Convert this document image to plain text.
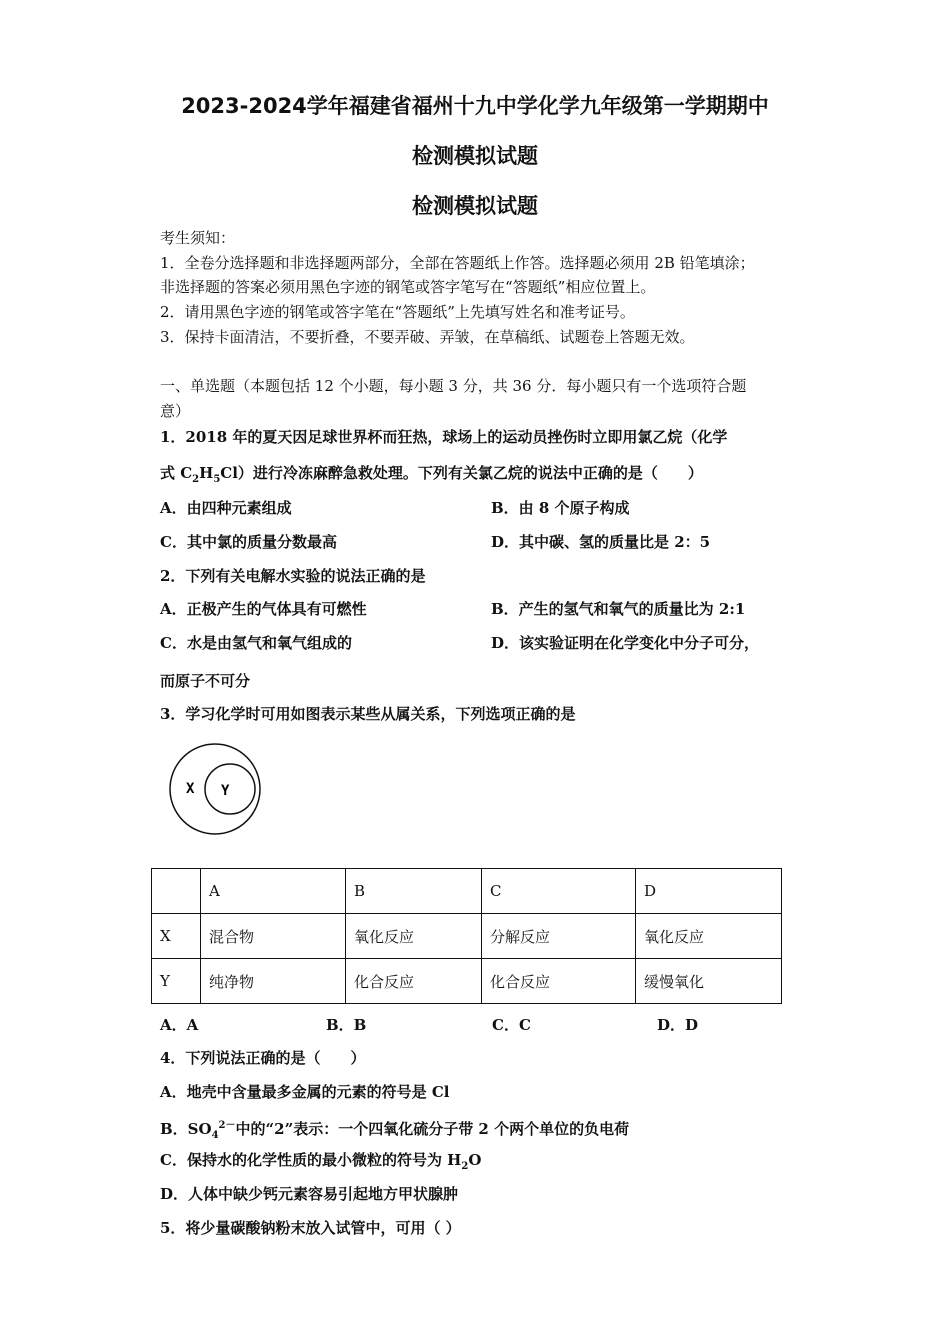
2023-2024学年福建省福州十九中学化学九年级第一学期期中
检测模拟试题
检测模拟试题
考生须知：
1．全卷分选择题和非选择题两部分，全部在答题纸上作答。选择题必须用 2B 铅笔填涂；
非选择题的答案必须用黑色字迹的钢笔或答字笔写在“答题纸”相应位置上。
2．请用黑色字迹的钢笔或答字笔在“答题纸”上先填写姓名和准考证号。
3．保持卡面清洁，不要折叠，不要弄破、弄皱，在草稿纸、试题卷上答题无效。
一、单选题（本题包括 12 个小题，每小题 3 分，共 36 分．每小题只有一个选项符合题
意）
1．2018 年的夏天因足球世界杯而狂热，球场上的运动员挫伤时立即用氯乙烷（化学
式 $C_2H_5Cl$）进行冷冻麻醉急救处理。下列有关氯乙烷的说法中正确的是（　　）
A．由四种元素组成	B．由 8 个原子构成
C．其中氯的质量分数最高	D．其中碳、氢的质量比是 2：5
2．下列有关电解水实验的说法正确的是
A．正极产生的气体具有可燃性	B．产生的氢气和氧气的质量比为 2:1
C．水是由氢气和氧气组成的	D．该实验证明在化学变化中分子可分，
而原子不可分
3．学习化学时可用如图表示某些从属关系，下列选项正确的是
X Y
	A	B	C	D
X	混合物	氧化反应	分解反应	氧化反应
Y	纯净物	化合反应	化合反应	缓慢氧化
A．A	B．B	C．C	D．D
4．下列说法正确的是（　　）
A．地壳中含量最多金属的元素的符号是 Cl
B．$SO_4^{2-}$中的“2”表示：一个四氧化硫分子带 2 个两个单位的负电荷
C．保持水的化学性质的最小微粒的符号为 $H_2O$
D．人体中缺少钙元素容易引起地方甲状腺肿
5．将少量碳酸钠粉末放入试管中，可用（ ）
